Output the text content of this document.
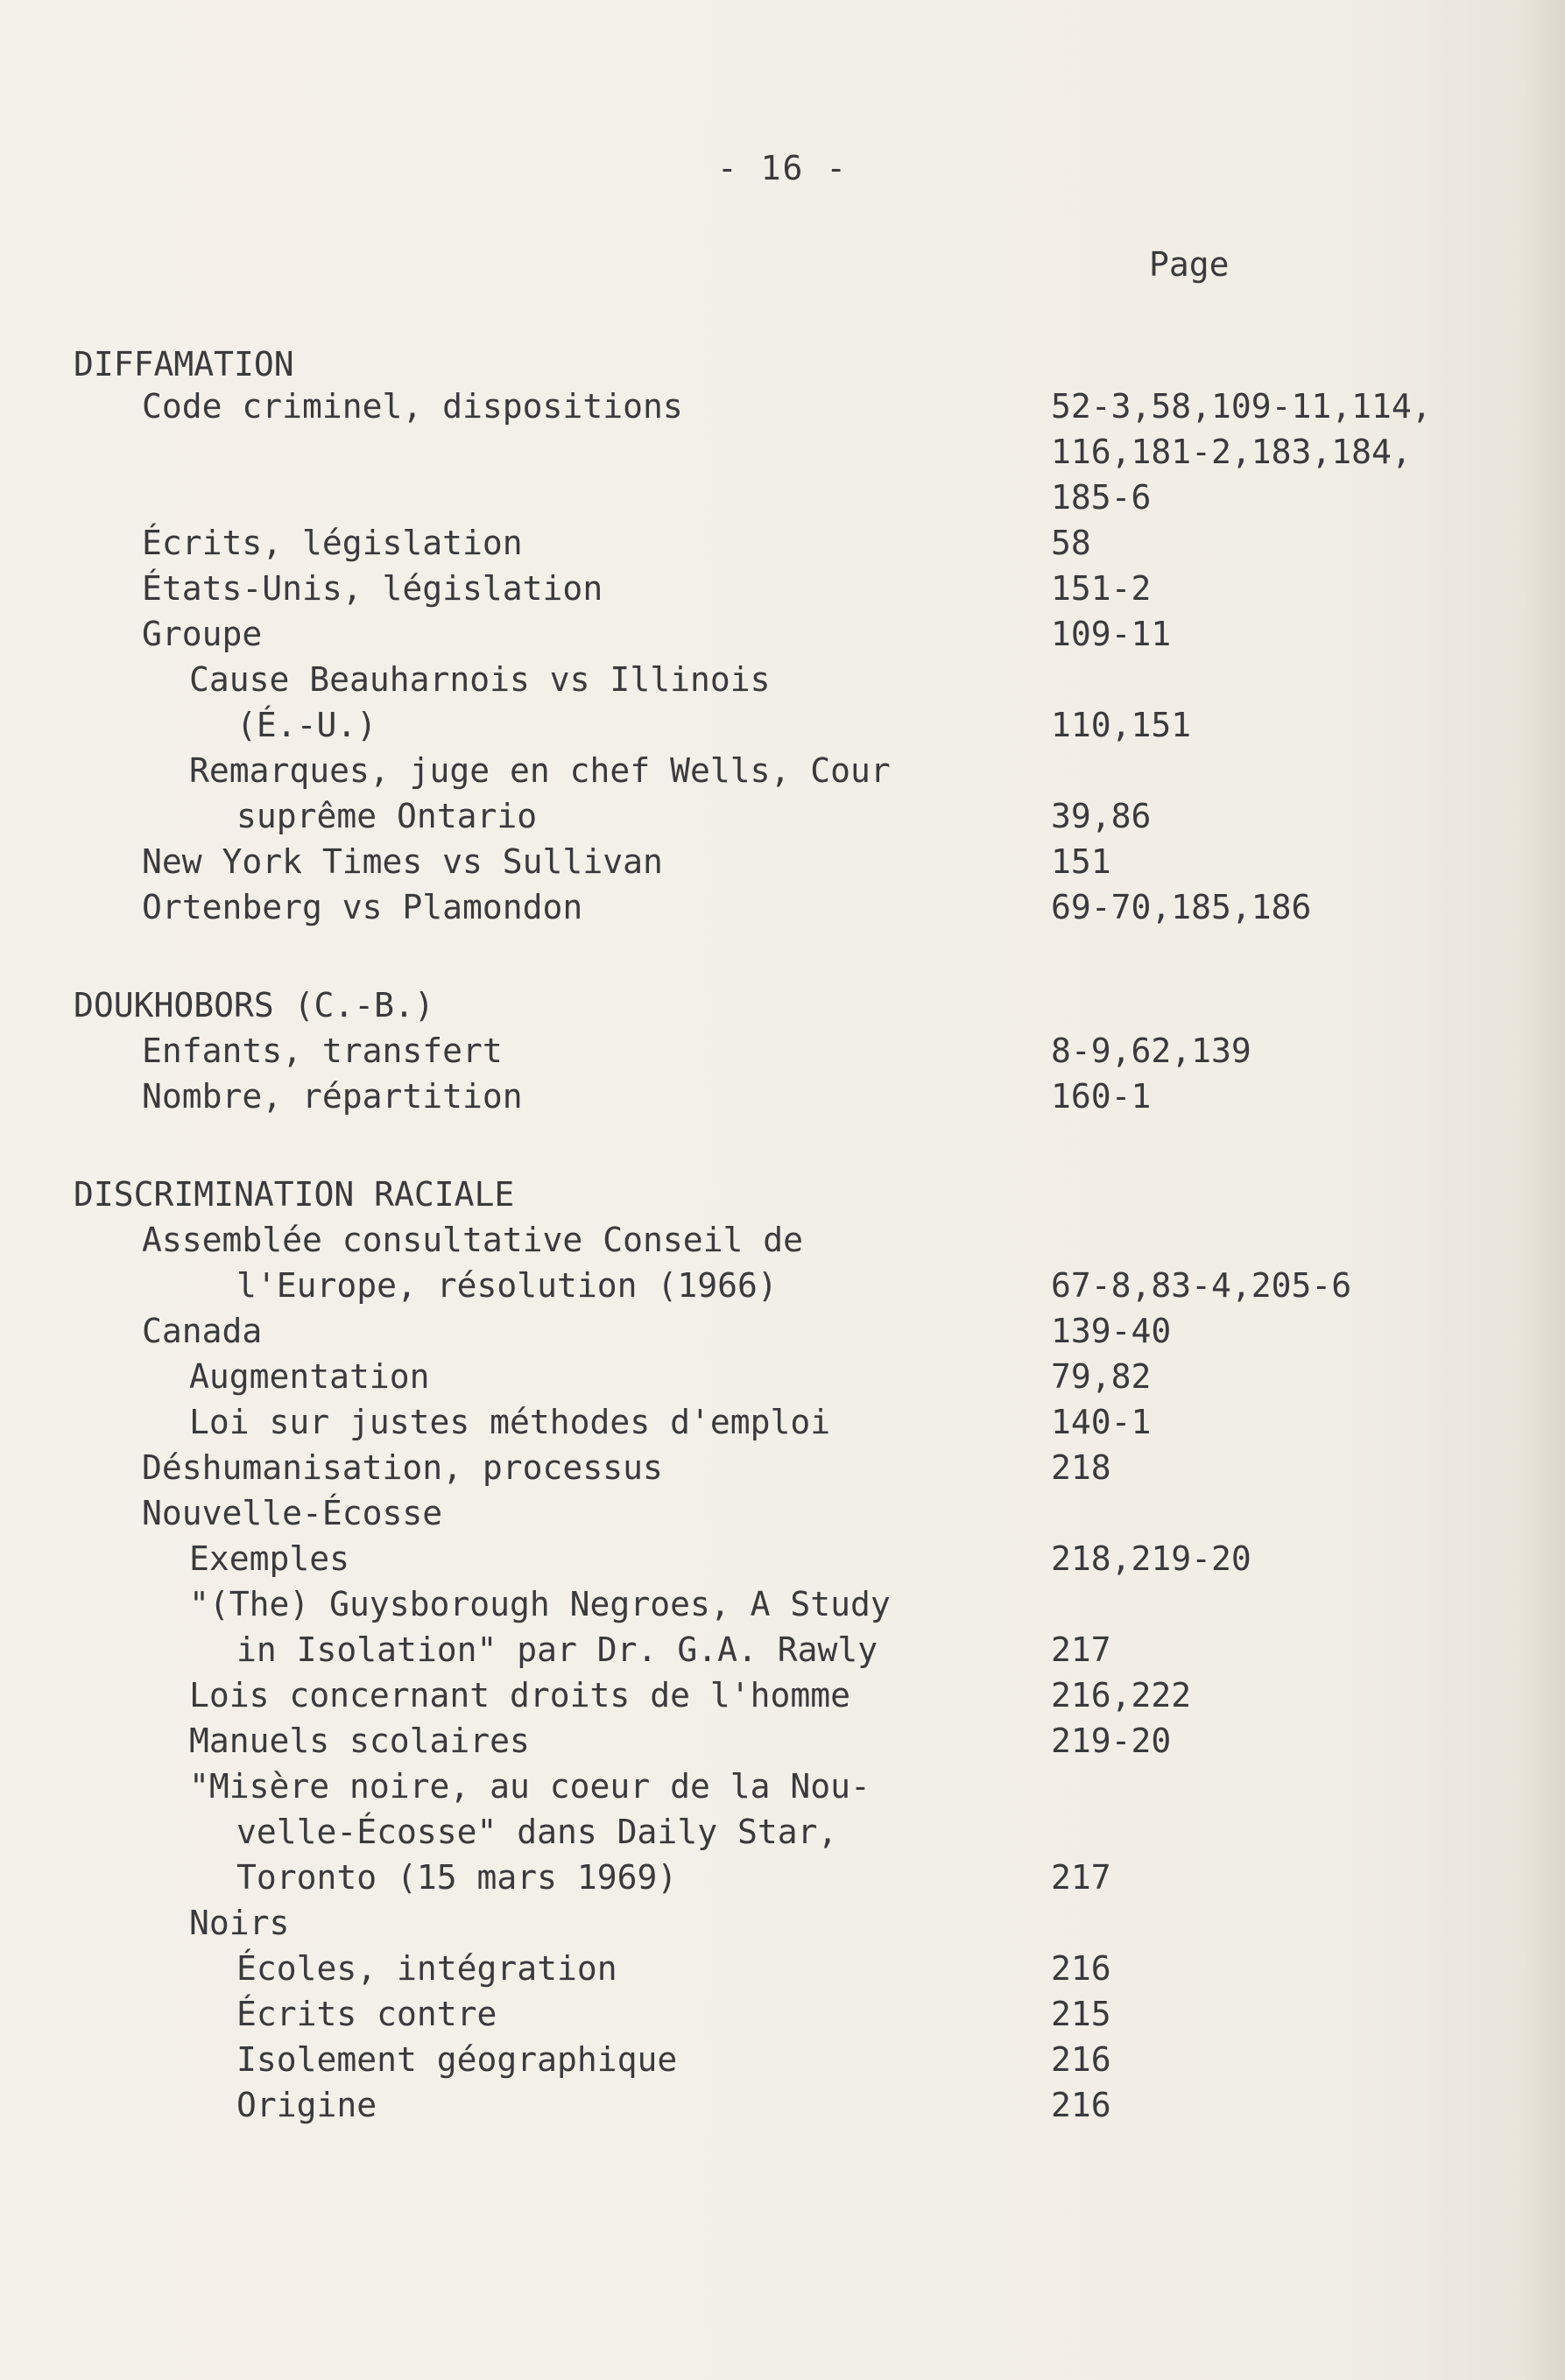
- 16 -
Page
DIFFAMATION
Code criminel, dispositions	52-3,58,109-11,114,
116,181-2,183,184,
185-6
Écrits, législation	58
États-Unis, législation	151-2
Groupe	109-11
Cause Beauharnois vs Illinois
(É.-U.)	110,151
Remarques, juge en chef Wells, Cour
suprême Ontario	39,86
New York Times vs Sullivan	151
Ortenberg vs Plamondon	69-70,185,186
DOUKHOBORS (C.-B.)
Enfants, transfert	8-9,62,139
Nombre, répartition	160-1
DISCRIMINATION RACIALE
Assemblée consultative Conseil de
l'Europe, résolution (1966)	67-8,83-4,205-6
Canada	139-40
Augmentation	79,82
Loi sur justes méthodes d'emploi	140-1
Déshumanisation, processus	218
Nouvelle-Écosse
Exemples	218,219-20
"(The) Guysborough Negroes, A Study
in Isolation" par Dr. G.A. Rawly	217
Lois concernant droits de l'homme	216,222
Manuels scolaires	219-20
"Misère noire, au coeur de la Nou-
velle-Écosse" dans Daily Star,
Toronto (15 mars 1969)	217
Noirs
Écoles, intégration	216
Écrits contre	215
Isolement géographique	216
Origine	216
